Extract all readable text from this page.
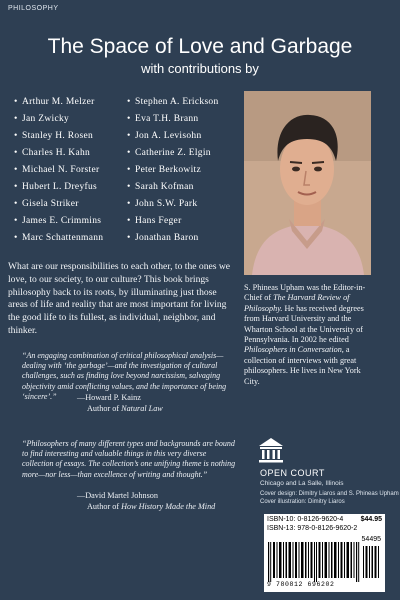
PHILOSOPHY
The Space of Love and Garbage
with contributions by
• Arthur M. Melzer
• Jan Zwicky
• Stanley H. Rosen
• Charles H. Kahn
• Michael N. Forster
• Hubert L. Dreyfus
• Gisela Striker
• James E. Crimmins
• Marc Schattenmann
• Stephen A. Erickson
• Eva T.H. Brann
• Jon A. Levisohn
• Catherine Z. Elgin
• Peter Berkowitz
• Sarah Kofman
• John S.W. Park
• Hans Feger
• Jonathan Baron
What are our responsibilities to each other, to the ones we love, to our society, to our culture? This book brings philosophy back to its roots, by illuminating just those areas of life and reality that are most important for living the good life to its fullest, as individual, neighbor, and thinker.
S. Phineas Upham was the Editor-in-Chief of The Harvard Review of Philosophy. He has received degrees from Harvard University and the Wharton School at the University of Pennsylvania. In 2002 he edited Philosophers in Conversation, a collection of interviews with great philosophers. He lives in New York City.
“An engaging combination of critical philosophical analysis—dealing with ‘the garbage’—and the investigation of cultural challenges, such as finding love beyond narcissism, salvaging objectivity amid conflicting values, and the importance of being ‘sincere’.”	—Howard P. Kainz
Author of Natural Law
“Philosophers of many different types and backgrounds are bound to find interesting and valuable things in this very diverse collection of essays. The collection’s one unifying theme is nothing more—nor less—than excellence of writing and thought.”
—David Martel Johnson
Author of How History Made the Mind
OPEN COURT
Chicago and La Salle, Illinois
Cover design: Dimitry Liaros and S. Phineas Upham
Cover illustration: Dimitry Liaros
ISBN-10: 0-8126-9620-4 $44.95
ISBN-13: 978-0-8126-9620-2
54495
9 780812 696202
